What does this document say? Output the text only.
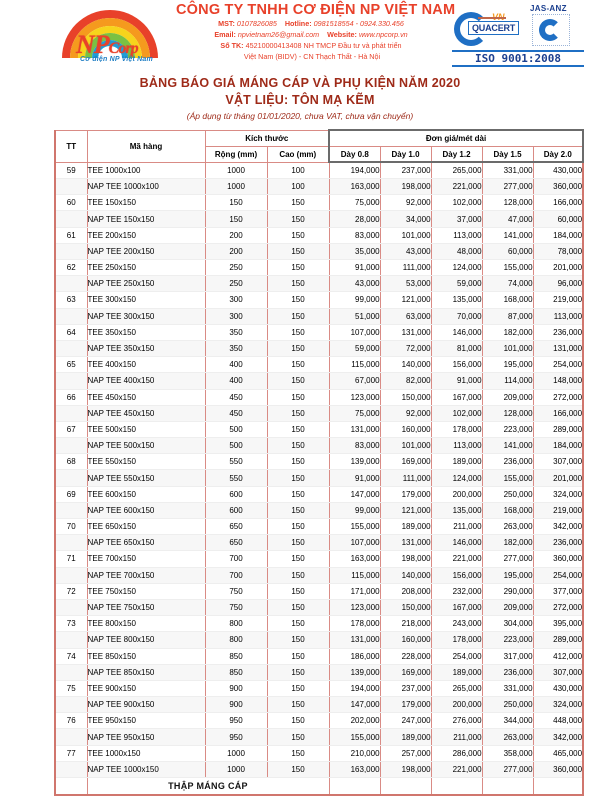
NPCorp
Cơ điện NP Việt Nam
CÔNG TY TNHH CƠ ĐIỆN NP VIỆT NAM
MST: 0107826085	Hotline: 0981518554 - 0924.330.456
Email: npvietnam26@gmail.com	Website: www.npcorp.vn
Số TK: 45210000413408 NH TMCP Đầu tư và phát triển
Việt Nam (BIDV) - CN Thạch Thất - Hà Nội
JAS-ANZ
QUACERT
ISO 9001:2008
BẢNG BÁO GIÁ MÁNG CÁP VÀ PHỤ KIỆN NĂM 2020
VẬT LIỆU: TÔN MẠ KẼM
(Áp dụng từ tháng 01/01/2020, chưa VAT, chưa vận chuyển)
TT	Mã hàng	Kích thước		Đơn giá/mét dài				
		Rộng (mm)	Cao (mm)	Dày 0.8	Dày 1.0	Dày 1.2	Dày 1.5	Dày 2.0
59	TEE 1000x100	1000	100	194,000	237,000	265,000	331,000	430,000
	NAP TEE 1000x100	1000	100	163,000	198,000	221,000	277,000	360,000
60	TEE 150x150	150	150	75,000	92,000	102,000	128,000	166,000
	NAP TEE 150x150	150	150	28,000	34,000	37,000	47,000	60,000
61	TEE 200x150	200	150	83,000	101,000	113,000	141,000	184,000
	NAP TEE 200x150	200	150	35,000	43,000	48,000	60,000	78,000
62	TEE 250x150	250	150	91,000	111,000	124,000	155,000	201,000
	NAP TEE 250x150	250	150	43,000	53,000	59,000	74,000	96,000
63	TEE 300x150	300	150	99,000	121,000	135,000	168,000	219,000
	NAP TEE 300x150	300	150	51,000	63,000	70,000	87,000	113,000
64	TEE 350x150	350	150	107,000	131,000	146,000	182,000	236,000
	NAP TEE 350x150	350	150	59,000	72,000	81,000	101,000	131,000
65	TEE 400x150	400	150	115,000	140,000	156,000	195,000	254,000
	NAP TEE 400x150	400	150	67,000	82,000	91,000	114,000	148,000
66	TEE 450x150	450	150	123,000	150,000	167,000	209,000	272,000
	NAP TEE 450x150	450	150	75,000	92,000	102,000	128,000	166,000
67	TEE 500x150	500	150	131,000	160,000	178,000	223,000	289,000
	NAP TEE 500x150	500	150	83,000	101,000	113,000	141,000	184,000
68	TEE 550x150	550	150	139,000	169,000	189,000	236,000	307,000
	NAP TEE 550x150	550	150	91,000	111,000	124,000	155,000	201,000
69	TEE 600x150	600	150	147,000	179,000	200,000	250,000	324,000
	NAP TEE 600x150	600	150	99,000	121,000	135,000	168,000	219,000
70	TEE 650x150	650	150	155,000	189,000	211,000	263,000	342,000
	NAP TEE 650x150	650	150	107,000	131,000	146,000	182,000	236,000
71	TEE 700x150	700	150	163,000	198,000	221,000	277,000	360,000
	NAP TEE 700x150	700	150	115,000	140,000	156,000	195,000	254,000
72	TEE 750x150	750	150	171,000	208,000	232,000	290,000	377,000
	NAP TEE 750x150	750	150	123,000	150,000	167,000	209,000	272,000
73	TEE 800x150	800	150	178,000	218,000	243,000	304,000	395,000
	NAP TEE 800x150	800	150	131,000	160,000	178,000	223,000	289,000
74	TEE 850x150	850	150	186,000	228,000	254,000	317,000	412,000
	NAP TEE 850x150	850	150	139,000	169,000	189,000	236,000	307,000
75	TEE 900x150	900	150	194,000	237,000	265,000	331,000	430,000
	NAP TEE 900x150	900	150	147,000	179,000	200,000	250,000	324,000
76	TEE 950x150	950	150	202,000	247,000	276,000	344,000	448,000
	NAP TEE 950x150	950	150	155,000	189,000	211,000	263,000	342,000
77	TEE 1000x150	1000	150	210,000	257,000	286,000	358,000	465,000
	NAP TEE 1000x150	1000	150	163,000	198,000	221,000	277,000	360,000
	THẬP MÁNG CÁP							
